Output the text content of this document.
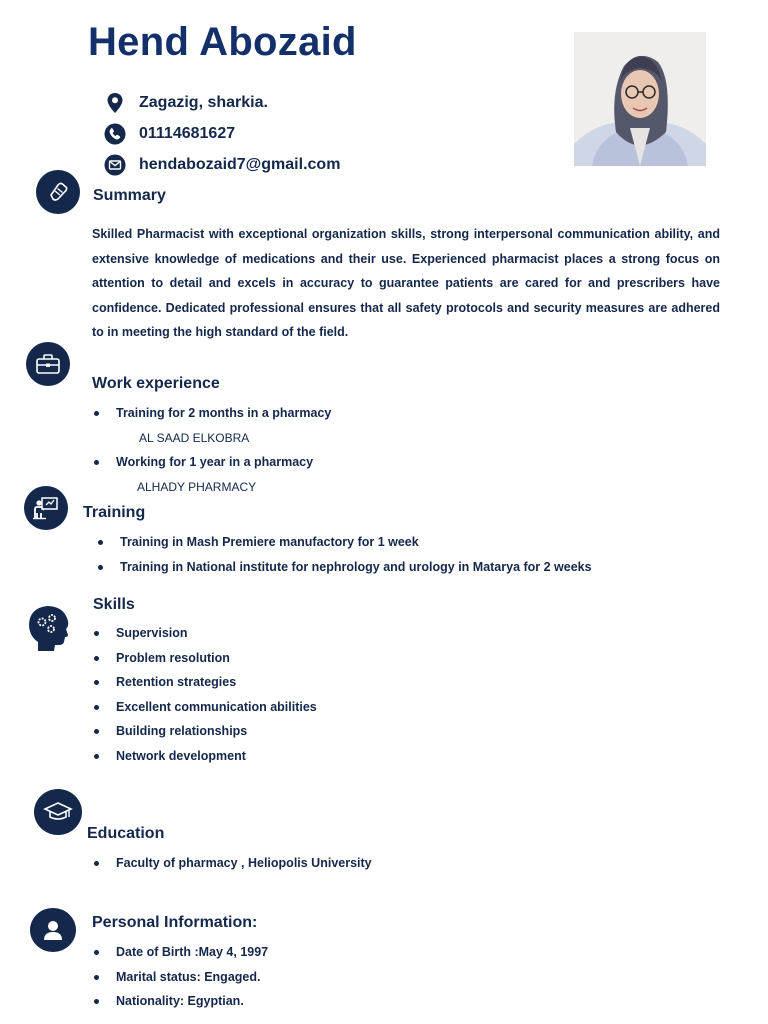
Hend Abozaid
Zagazig, sharkia.
01114681627
hendabozaid7@gmail.com
Summary
Skilled Pharmacist with exceptional organization skills, strong interpersonal communication ability, and extensive knowledge of medications and their use. Experienced pharmacist places a strong focus on attention to detail and excels in accuracy to guarantee patients are cared for and prescribers have confidence. Dedicated professional ensures that all safety protocols and security measures are adhered to in meeting the high standard of the field.
Work experience
Training for 2 months in a pharmacy
AL SAAD ELKOBRA
Working for 1 year in a pharmacy
ALHADY PHARMACY
Training
Training in Mash Premiere manufactory for 1 week
Training in National institute for nephrology and urology in Matarya for 2 weeks
Skills
Supervision
Problem resolution
Retention strategies
Excellent communication abilities
Building relationships
Network development
Education
Faculty of pharmacy , Heliopolis University
Personal Information:
Date of Birth :May 4, 1997
Marital status: Engaged.
Nationality: Egyptian.
